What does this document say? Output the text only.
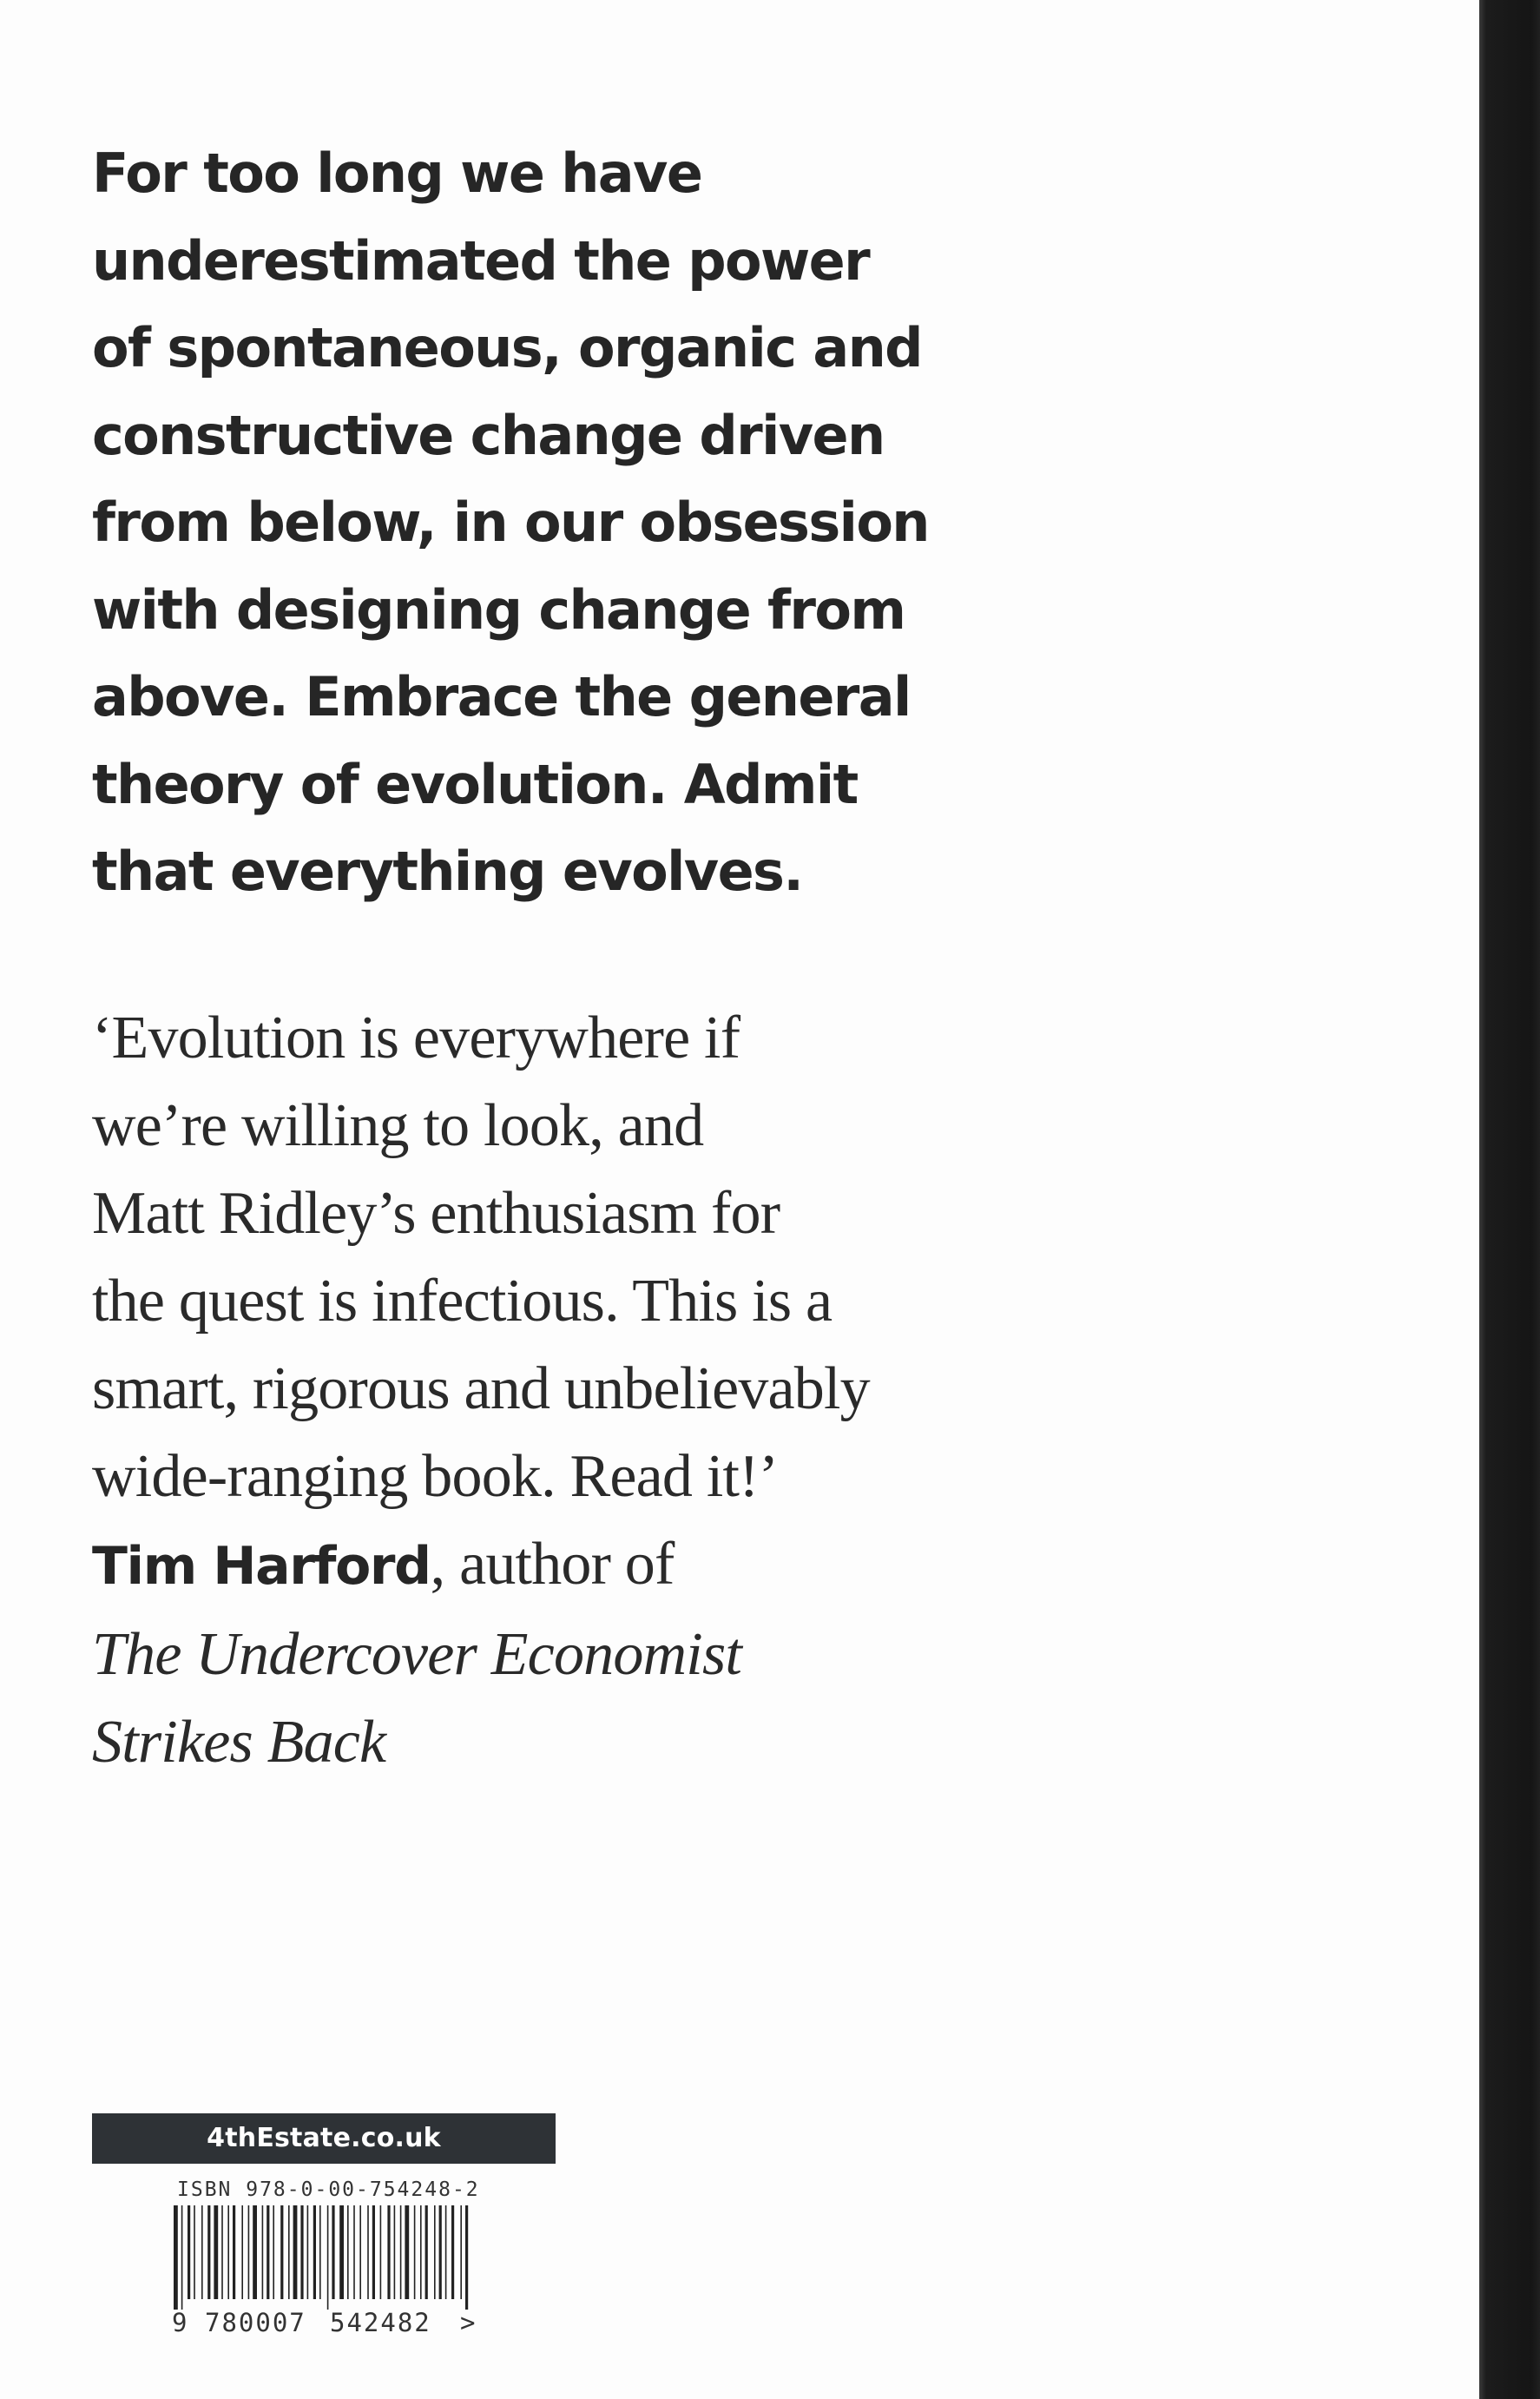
For too long we have
underestimated the power
of spontaneous, organic and
constructive change driven
from below, in our obsession
with designing change from
above. Embrace the general
theory of evolution. Admit
that everything evolves.
‘Evolution is everywhere if
we’re willing to look, and
Matt Ridley’s enthusiasm for
the quest is infectious. This is a
smart, rigorous and unbelievably
wide-ranging book. Read it!’
Tim Harford, author of
The Undercover Economist
Strikes Back
4thEstate.co.uk
ISBN 978-0-00-754248-2
9 780007 542482 >
